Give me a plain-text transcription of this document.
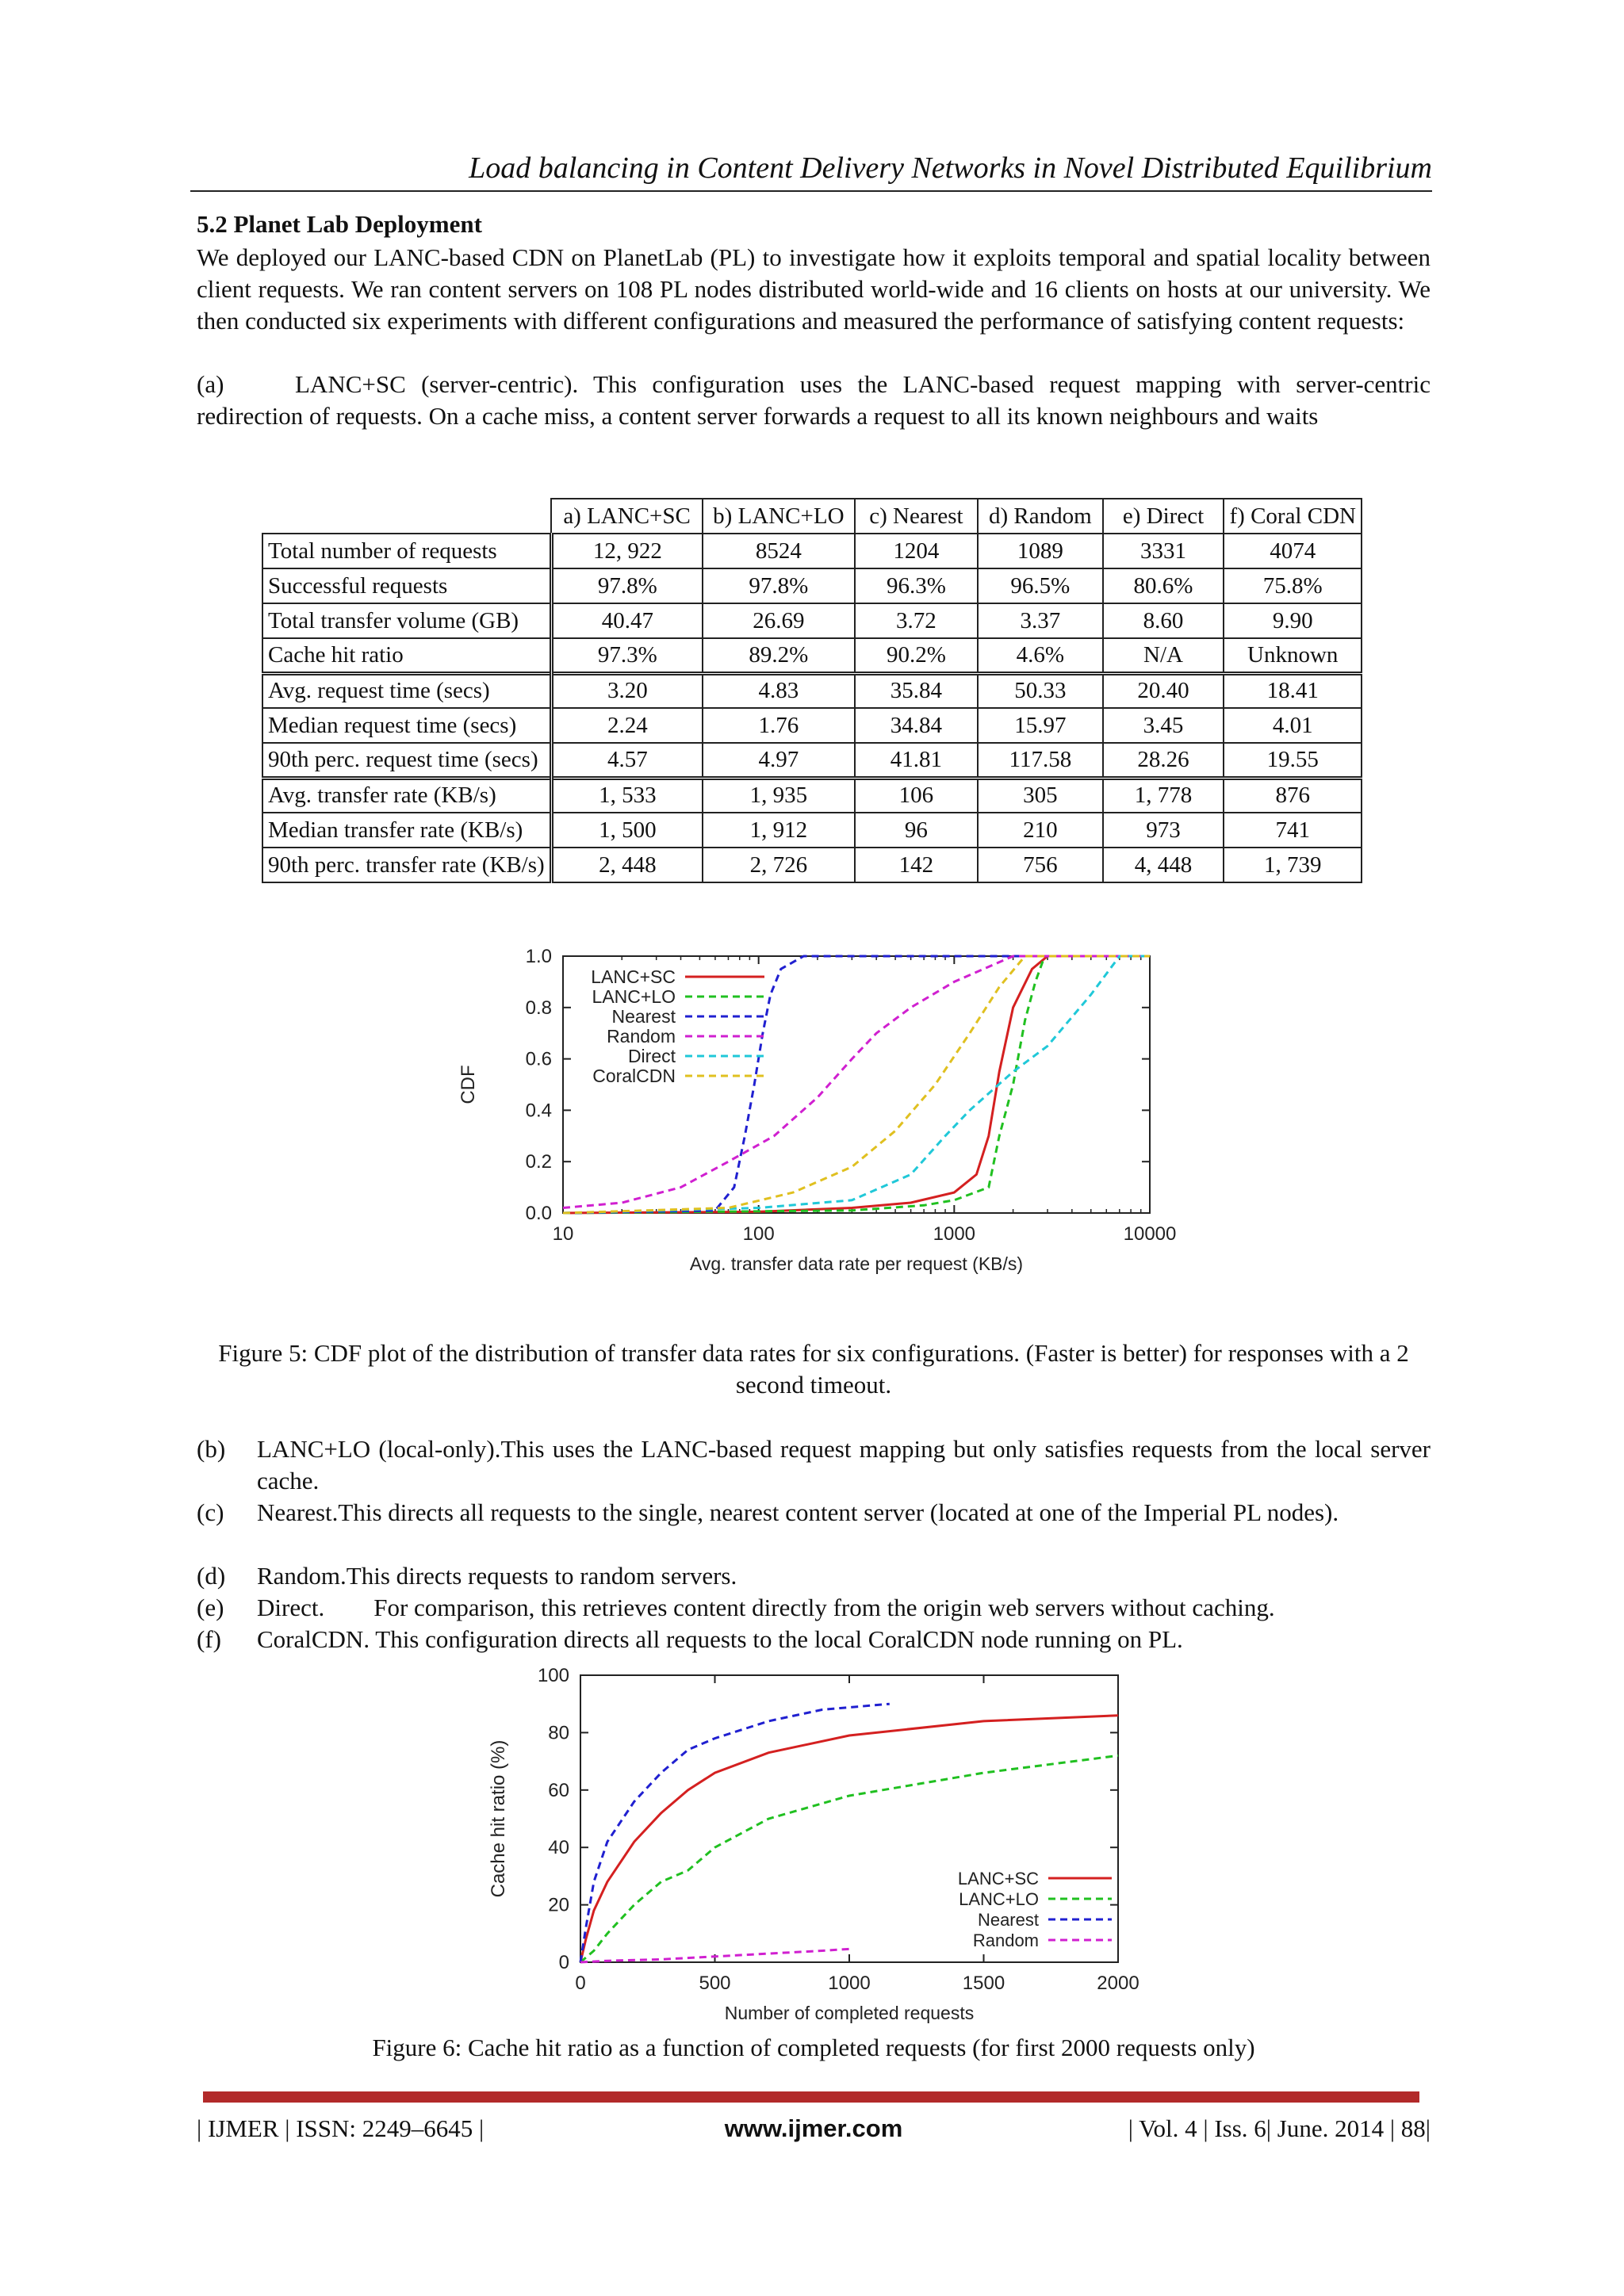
Load balancing in Content Delivery Networks in Novel Distributed Equilibrium
5.2 Planet Lab Deployment
We deployed our LANC-based CDN on PlanetLab (PL) to investigate how it exploits temporal and spatial locality between client requests. We ran content servers on 108 PL nodes distributed world-wide and 16 clients on hosts at our university. We then conducted six experiments with different configurations and measured the performance of satisfying content requests:
(a)	LANC+SC (server-centric). This configuration uses the LANC-based request mapping with server-centric redirection of requests. On a cache miss, a content server forwards a request to all its known neighbours and waits
	a) LANC+SC	b) LANC+LO	c) Nearest	d) Random	e) Direct	f) Coral CDN
Total number of requests	12, 922	8524	1204	1089	3331	4074
Successful requests	97.8%	97.8%	96.3%	96.5%	80.6%	75.8%
Total transfer volume (GB)	40.47	26.69	3.72	3.37	8.60	9.90
Cache hit ratio	97.3%	89.2%	90.2%	4.6%	N/A	Unknown
Avg. request time (secs)	3.20	4.83	35.84	50.33	20.40	18.41
Median request time (secs)	2.24	1.76	34.84	15.97	3.45	4.01
90th perc. request time (secs)	4.57	4.97	41.81	117.58	28.26	19.55
Avg. transfer rate (KB/s)	1, 533	1, 935	106	305	1, 778	876
Median transfer rate (KB/s)	1, 500	1, 912	96	210	973	741
90th perc. transfer rate (KB/s)	2, 448	2, 726	142	756	4, 448	1, 739
10	100	1000	10000
0.0
0.2
0.4
0.6
0.8
1.0
Avg. transfer data rate per request (KB/s)
CDF
LANC+SC
LANC+LO
Nearest
Random
Direct
CoralCDN
Figure 5: CDF plot of the distribution of transfer data rates for six configurations. (Faster is better) for responses with a 2 second timeout.
(b) LANC+LO (local-only).This uses the LANC-based request mapping but only satisfies requests from the local server cache.
(c) Nearest.This directs all requests to the single, nearest content server (located at one of the Imperial PL nodes).
(d) Random.This directs requests to random servers.
(e) Direct.        For comparison, this retrieves content directly from the origin web servers without caching.
(f) CoralCDN. This configuration directs all requests to the local CoralCDN node running on PL.
0	500	1000	1500	2000
0
20
40
60
80
100
Number of completed requests
Cache hit ratio (%)	LANC+SC
LANC+LO
Nearest
Random
Figure 6: Cache hit ratio as a function of completed requests (for first 2000 requests only)
| IJMER | ISSN: 2249–6645 |	www.ijmer.com	| Vol. 4 | Iss. 6| June. 2014 | 88|
